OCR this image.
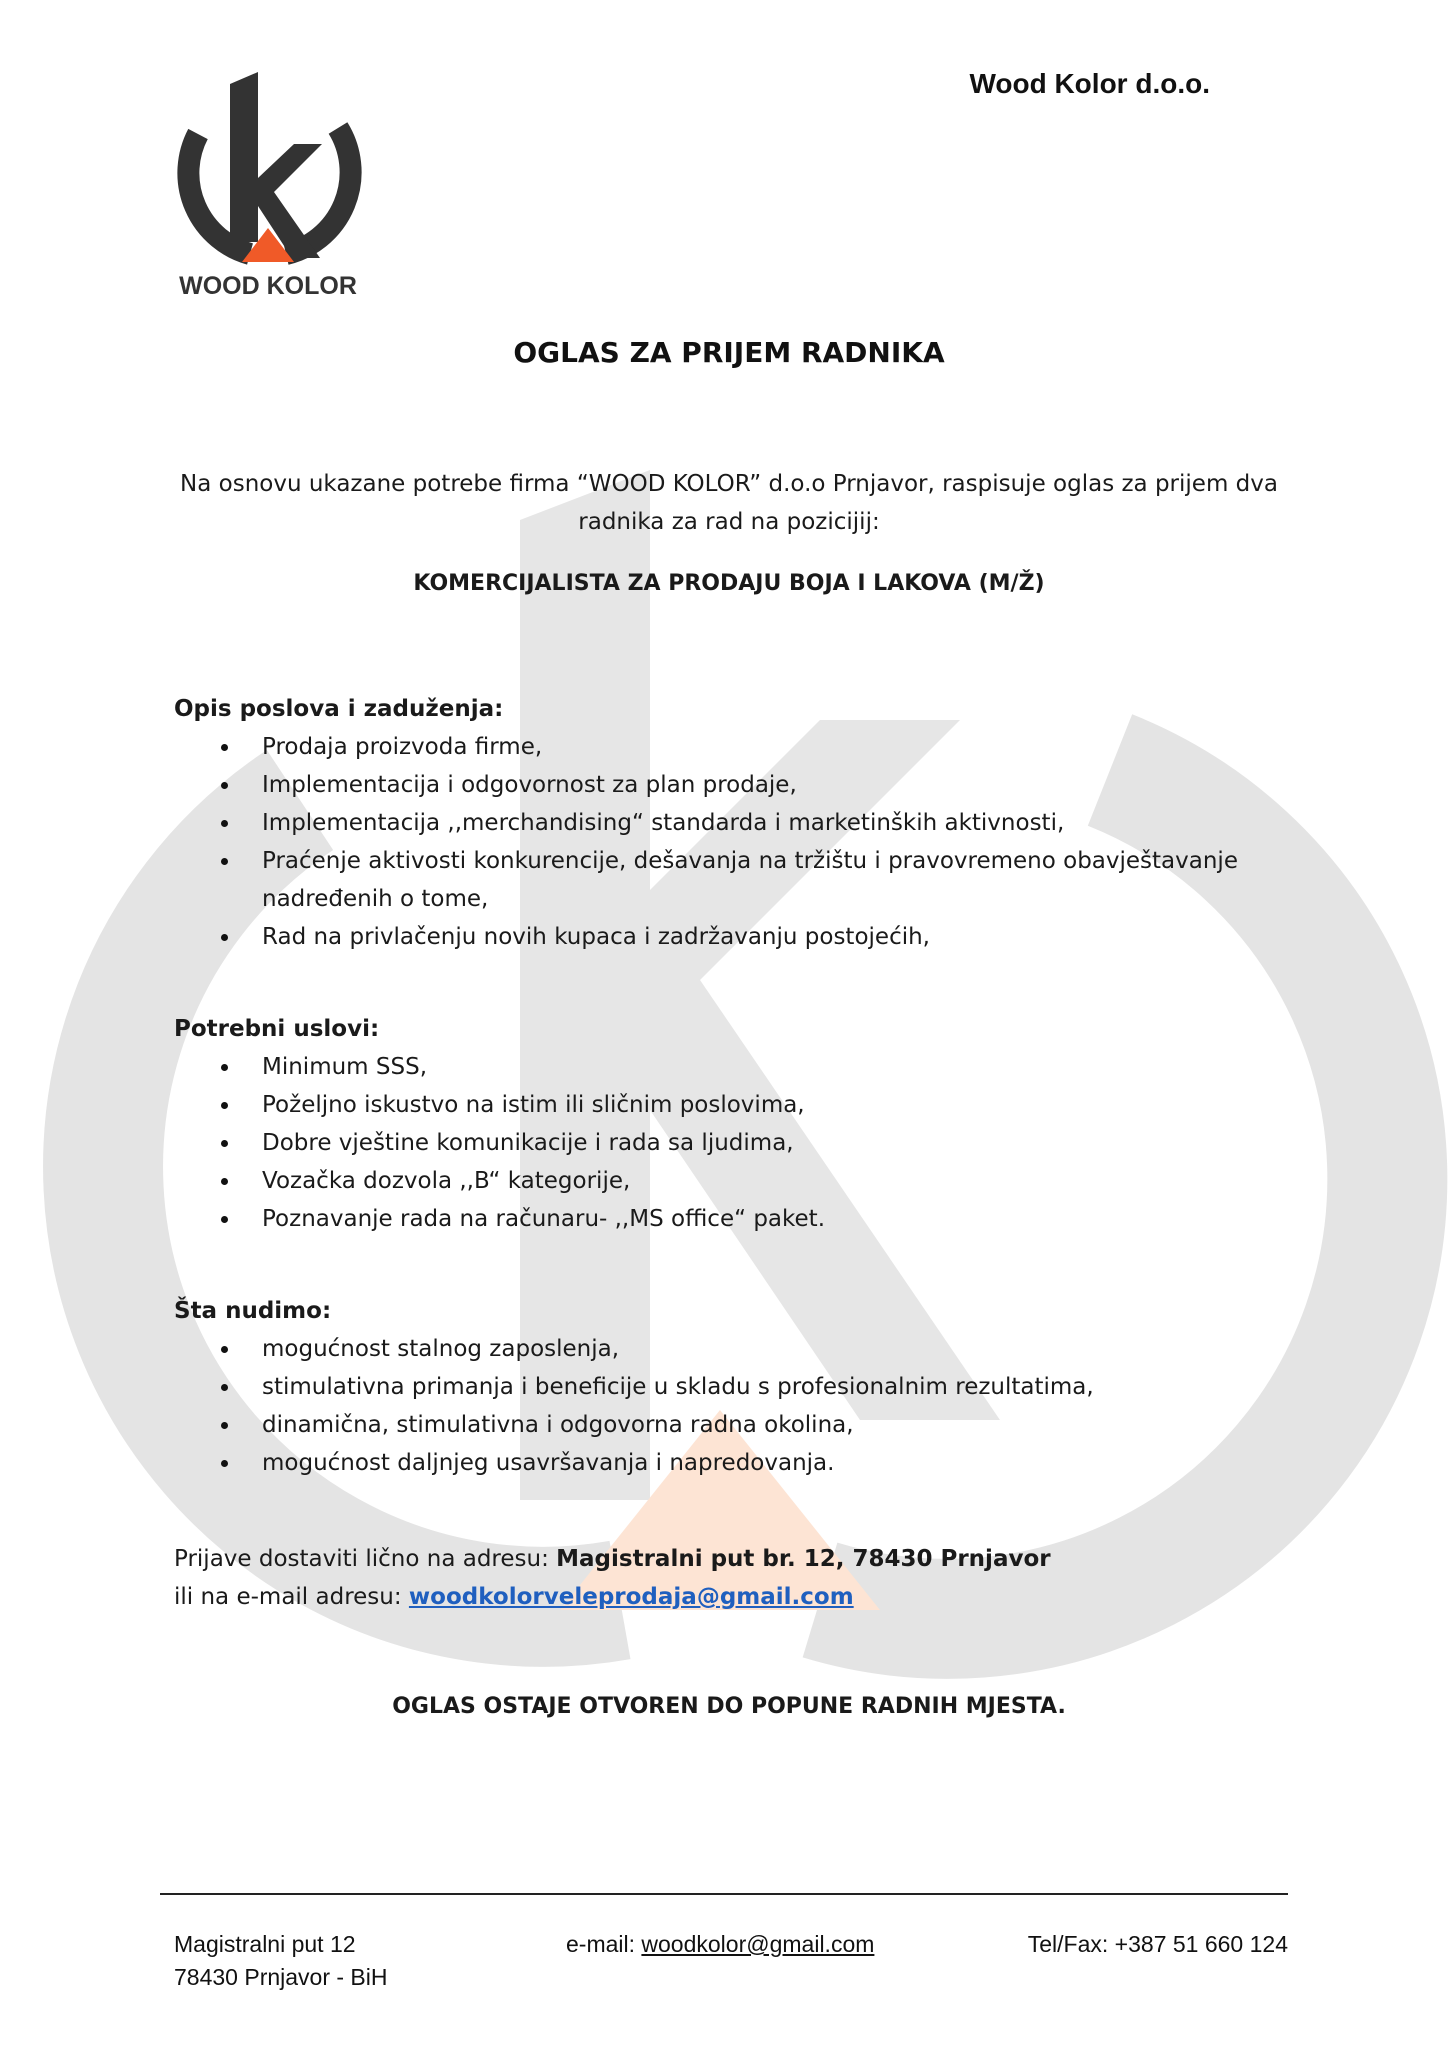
WOOD KOLOR
Wood Kolor d.o.o.
OGLAS ZA PRIJEM RADNIKA

Na osnovu ukazane potrebe firma “WOOD KOLOR” d.o.o Prnjavor, raspisuje oglas za prijem dva
radnika za rad na pozicijij:

KOMERCIJALISTA ZA PRODAJU BOJA I LAKOVA (M/Ž)

Opis poslova i zaduženja:
Prodaja proizvoda firme,
Implementacija i odgovornost za plan prodaje,
Implementacija ,,merchandising“ standarda i marketinških aktivnosti,
Praćenje aktivosti konkurencije, dešavanja na tržištu i pravovremeno obavještavanje nadređenih o tome,
Rad na privlačenju novih kupaca i zadržavanju postojećih,
Potrebni uslovi:
Minimum SSS,
Poželjno iskustvo na istim ili sličnim poslovima,
Dobre vještine komunikacije i rada sa ljudima,
Vozačka dozvola ,,B“ kategorije,
Poznavanje rada na računaru- ,,MS office“ paket.
Šta nudimo:
mogućnost stalnog zaposlenja,
stimulativna primanja i beneficije u skladu s profesionalnim rezultatima,
dinamična, stimulativna i odgovorna radna okolina,
mogućnost daljnjeg usavršavanja i napredovanja.
Prijave dostaviti lično na adresu: Magistralni put br. 12, 78430 Prnjavor
ili na e-mail adresu: woodkolorveleprodaja@gmail.com
OGLAS OSTAJE OTVOREN DO POPUNE RADNIH MJESTA.
Magistralni put 12
78430 Prnjavor - BiH
e-mail: woodkolor@gmail.com	Tel/Fax: +387 51 660 124
